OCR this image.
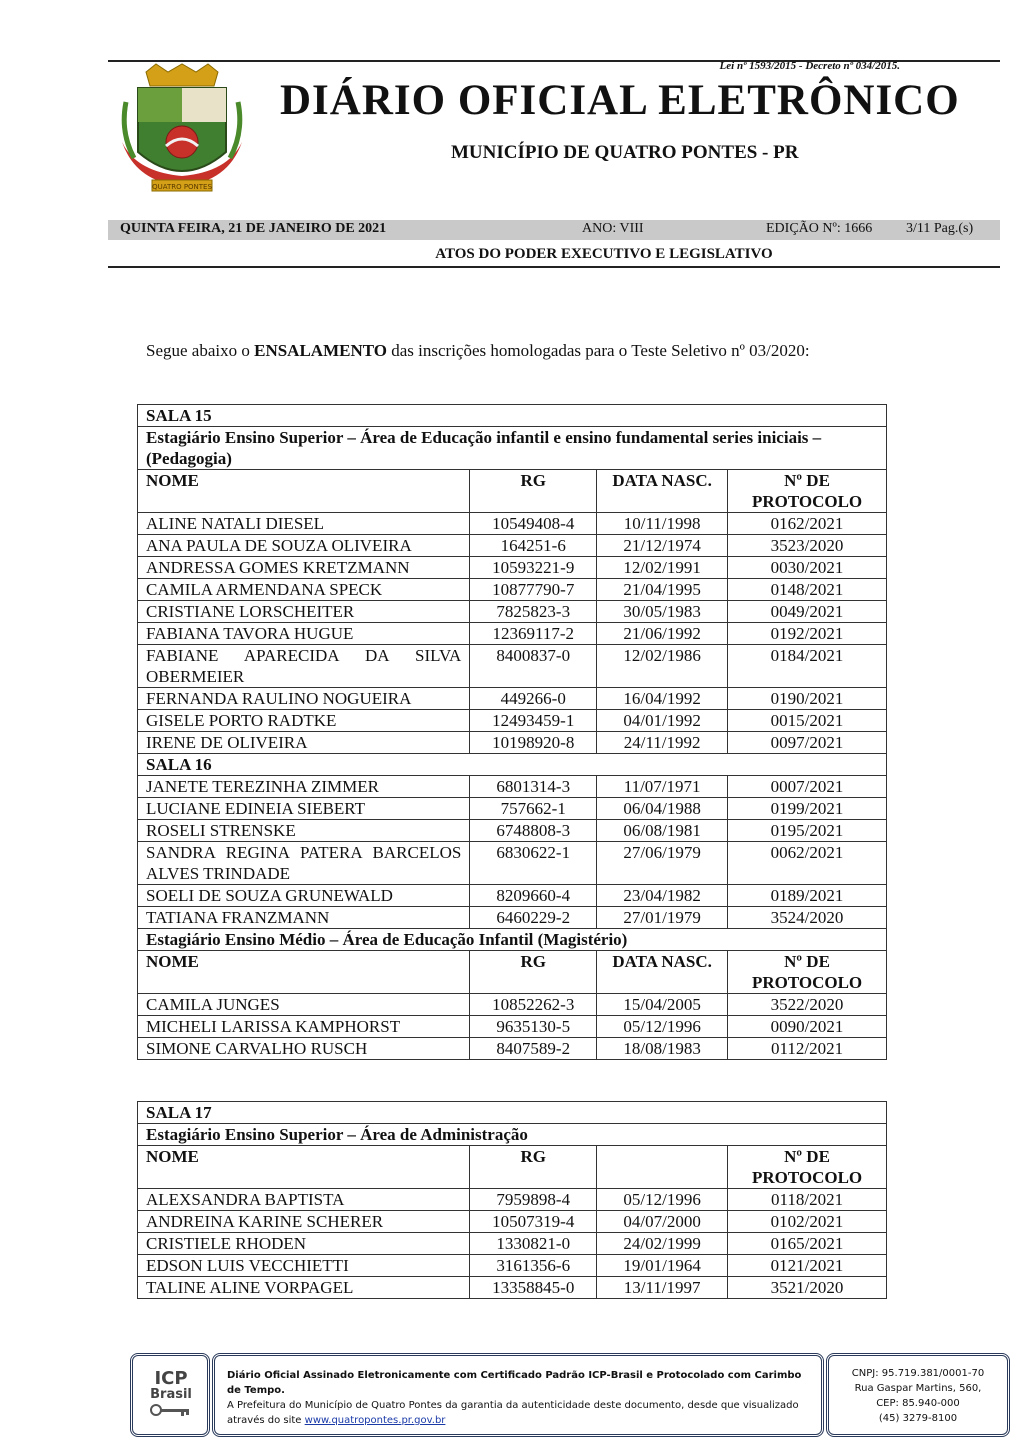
Lei nº 1593/2015 - Decreto nº 034/2015.
QUATRO PONTES
DIÁRIO OFICIAL ELETRÔNICO
MUNICÍPIO DE QUATRO PONTES - PR
QUINTA FEIRA, 21 DE JANEIRO DE 2021	ANO: VIII	EDIÇÃO Nº: 1666 3/11 Pag.(s)
ATOS DO PODER EXECUTIVO E LEGISLATIVO

Segue abaixo o ENSALAMENTO das inscrições homologadas para o Teste Seletivo nº 03/2020:

SALA 15			
Estagiário Ensino Superior – Área de Educação infantil e ensino fundamental series iniciais – (Pedagogia)			
NOME	RG	DATA NASC.	Nº DE PROTOCOLO
ALINE NATALI DIESEL	10549408-4	10/11/1998	0162/2021
ANA PAULA DE SOUZA OLIVEIRA	164251-6	21/12/1974	3523/2020
ANDRESSA GOMES KRETZMANN	10593221-9	12/02/1991	0030/2021
CAMILA ARMENDANA SPECK	10877790-7	21/04/1995	0148/2021
CRISTIANE LORSCHEITER	7825823-3	30/05/1983	0049/2021
FABIANA TAVORA HUGUE	12369117-2	21/06/1992	0192/2021
FABIANE APARECIDA DA SILVA OBERMEIER	8400837-0	12/02/1986	0184/2021
FERNANDA RAULINO NOGUEIRA	449266-0	16/04/1992	0190/2021
GISELE PORTO RADTKE	12493459-1	04/01/1992	0015/2021
IRENE DE OLIVEIRA	10198920-8	24/11/1992	0097/2021
SALA 16			
JANETE TEREZINHA ZIMMER	6801314-3	11/07/1971	0007/2021
LUCIANE EDINEIA SIEBERT	757662-1	06/04/1988	0199/2021
ROSELI STRENSKE	6748808-3	06/08/1981	0195/2021
SANDRA REGINA PATERA BARCELOS ALVES TRINDADE	6830622-1	27/06/1979	0062/2021
SOELI DE SOUZA GRUNEWALD	8209660-4	23/04/1982	0189/2021
TATIANA FRANZMANN	6460229-2	27/01/1979	3524/2020
Estagiário Ensino Médio – Área de Educação Infantil (Magistério)			
NOME	RG	DATA NASC.	Nº DE PROTOCOLO
CAMILA JUNGES	10852262-3	15/04/2005	3522/2020
MICHELI LARISSA KAMPHORST	9635130-5	05/12/1996	0090/2021
SIMONE CARVALHO RUSCH	8407589-2	18/08/1983	0112/2021
SALA 17			
Estagiário Ensino Superior – Área de Administração			
NOME	RG		Nº DE PROTOCOLO
ALEXSANDRA BAPTISTA	7959898-4	05/12/1996	0118/2021
ANDREINA KARINE SCHERER	10507319-4	04/07/2000	0102/2021
CRISTIELE RHODEN	1330821-0	24/02/1999	0165/2021
EDSON LUIS VECCHIETTI	3161356-6	19/01/1964	0121/2021
TALINE ALINE VORPAGEL	13358845-0	13/11/1997	3521/2020
ICP
Brasil
Diário Oficial Assinado Eletronicamente com Certificado Padrão ICP-Brasil e Protocolado com Carimbo de Tempo.
A Prefeitura do Município de Quatro Pontes da garantia da autenticidade deste documento, desde que visualizado
através do site www.quatropontes.pr.gov.br
CNPJ: 95.719.381/0001-70
Rua Gaspar Martins, 560,
CEP: 85.940-000
(45) 3279-8100
